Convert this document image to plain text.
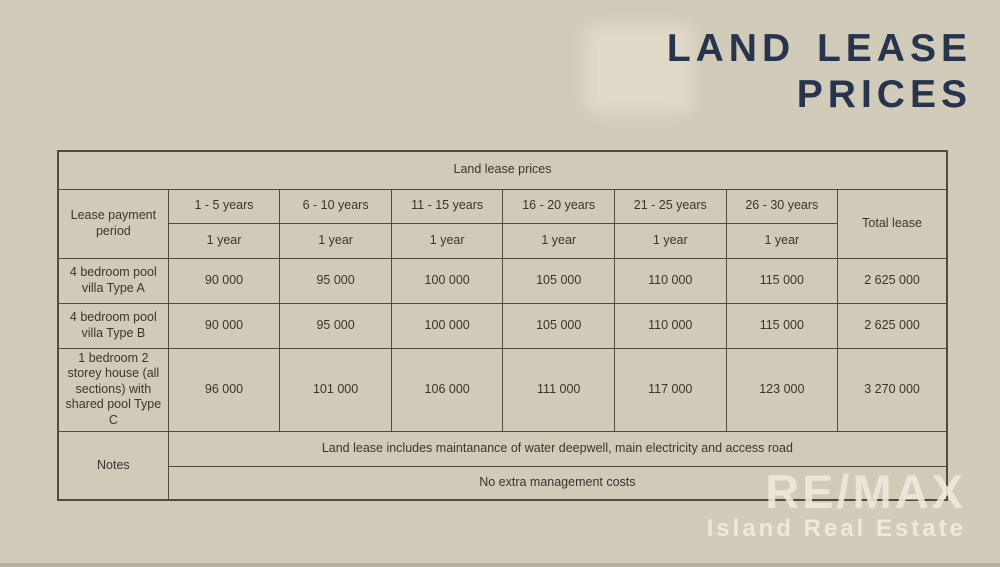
LAND LEASE
PRICES
Land lease prices							
Lease payment period	1 - 5 years	6 - 10 years	11 - 15 years	16 - 20 years	21 - 25 years	26 - 30 years	Total lease
	1 year	1 year	1 year	1 year	1 year	1 year	
4 bedroom pool villa Type A	90 000	95 000	100 000	105 000	110 000	115 000	2 625 000
4 bedroom pool villa Type B	90 000	95 000	100 000	105 000	110 000	115 000	2 625 000
1 bedroom 2 storey house (all sections) with shared pool Type C	96 000	101 000	106 000	111 000	117 000	123 000	3 270 000
Notes	Land lease includes maintanance of water deepwell, main electricity and access road						
	No extra management costs							RE/MAX
Island Real Estate
